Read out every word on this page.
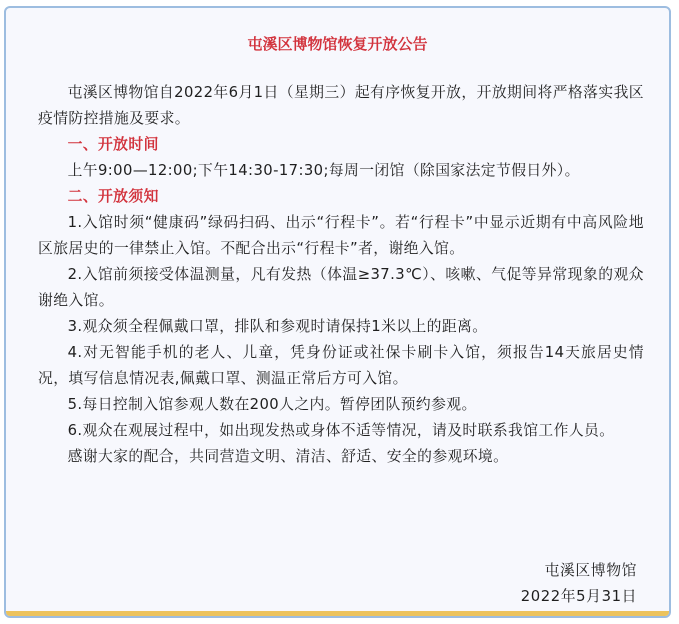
屯溪区博物馆恢复开放公告

屯溪区博物馆自2022年6月1日（星期三）起有序恢复开放，开放期间将严格落实我区疫情防控措施及要求。

一、开放时间

上午9:00—12:00;下午14:30-17:30;每周一闭馆（除国家法定节假日外）。

二、开放须知

1.入馆时须“健康码”绿码扫码、出示“行程卡”。若“行程卡”中显示近期有中高风险地区旅居史的一律禁止入馆。不配合出示“行程卡”者，谢绝入馆。

2.入馆前须接受体温测量，凡有发热（体温≥37.3℃）、咳嗽、气促等异常现象的观众谢绝入馆。

3.观众须全程佩戴口罩，排队和参观时请保持1米以上的距离。

4.对无智能手机的老人、儿童，凭身份证或社保卡刷卡入馆，须报告14天旅居史情况，填写信息情况表,佩戴口罩、测温正常后方可入馆。

5.每日控制入馆参观人数在200人之内。暂停团队预约参观。

6.观众在观展过程中，如出现发热或身体不适等情况，请及时联系我馆工作人员。

感谢大家的配合，共同营造文明、清洁、舒适、安全的参观环境。

屯溪区博物馆
2022年5月31日
